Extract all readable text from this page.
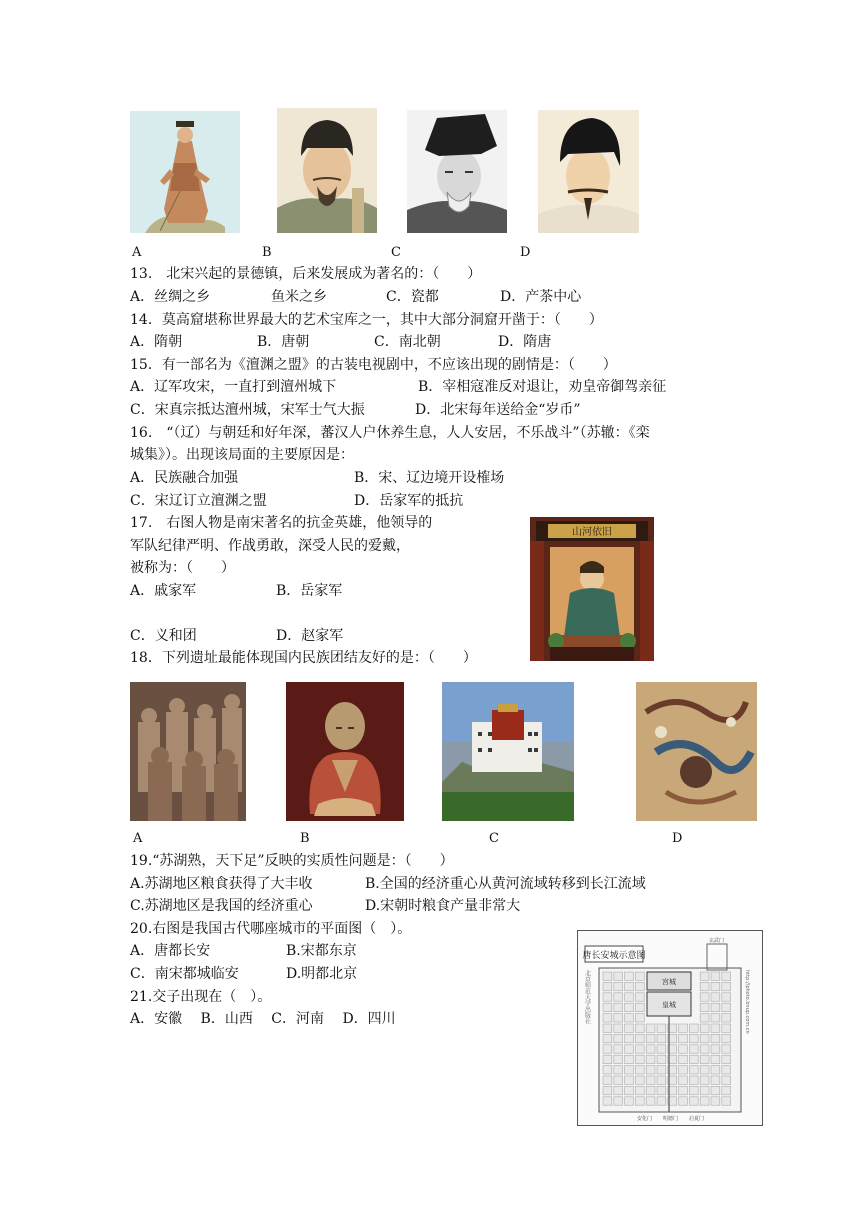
A	B	C	D
13.　北宋兴起的景德镇，后来发展成为著名的：（　　）
A．丝绸之乡	鱼米之乡	C．瓷都	D．产茶中心
14．莫高窟堪称世界最大的艺术宝库之一，其中大部分洞窟开凿于：（　　）
A．隋朝	B．唐朝	C．南北朝	D．隋唐
15．有一部名为《澶渊之盟》的古装电视剧中，不应该出现的剧情是：（　　）
A．辽军攻宋，一直打到澶州城下	B．宰相寇准反对退让，劝皇帝御驾亲征
C．宋真宗抵达澶州城，宋军士气大振	D．北宋每年送给金“岁币”
16.　“（辽）与朝廷和好年深，蕃汉人户休养生息，人人安居，不乐战斗”（苏辙：《栾
城集》）。出现该局面的主要原因是：
A．民族融合加强	B．宋、辽边境开设榷场
C．宋辽订立澶渊之盟	D．岳家军的抵抗
17.　右图人物是南宋著名的抗金英雄，他领导的
军队纪律严明、作战勇敢，深受人民的爱戴，
被称为：（　　）
A．戚家军	B．岳家军
C．义和团	D．赵家军
山河依旧
18．下列遗址最能体现国内民族团结友好的是：（　　）
A	B	C	D
19.“苏湖熟，天下足”反映的实质性问题是：（　　）
A.苏湖地区粮食获得了大丰收	B.全国的经济重心从黄河流域转移到长江流域
C.苏湖地区是我国的经济重心	D.宋朝时粮食产量非常大
20.右图是我国古代哪座城市的平面图（　）。
A．唐都长安	B.宋都东京
C．南宋都城临安	D.明都北京
21.交子出现在（　）。
A．安徽　 B．山西　 C．河南　 D．四川
唐长安城示意图
玄武门
安化门 明德门 启夏门
北京师范大学出版社	http://photo.bnup.com.cn
宫城
皇城
